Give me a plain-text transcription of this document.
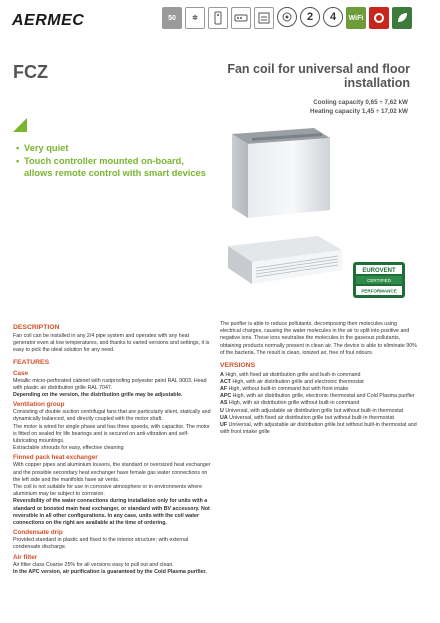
AERMEC	50	✲	2	4	WiFi
FCZ	Fan coil for universal and floor installation
Cooling capacity 0,65 ÷ 7,62 kW
Heating capacity 1,45 ÷ 17,02 kW
• Very quiet
• Touch controller mounted on-board, allows remote control with smart devices
EUROVENT
CERTIFIED
PERFORMANCE
DESCRIPTION

Fan coil can be installed in any 2/4 pipe system and operates with any heat generator even at low temperatures, and thanks to varied versions and settings, it is easy to pick the ideal solution for any need.

FEATURES
Case

Metallic micro-perforated cabinet with rustproofing polyester paint RAL 9003. Head with plastic air distribution grille RAL 7047.

Depending on the version, the distribution grille may be adjustable.

Ventilation group

Consisting of double suction centrifugal fans that are particularly silent, statically and dynamically balanced, and directly coupled with the motor shaft.

The motor is wired for single phase and has three speeds, with capacitor. The motor is fitted on sealed for life bearings and is secured on anti-vibration and self-lubricating mountings.

Extractable shrouds for easy, effective cleaning

Finned pack heat exchanger

With copper pipes and aluminium louvers, the standard or oversized heat exchanger and the possible secondary heat exchanger have female gas water connections on the left side and the manifolds have air vents.

The coil is not suitable for use in corrosive atmosphere or in environments where aluminium may be subject to corrosion.

Reversibility of the water connections during installation only for units with a standard or boosted main heat exchanger, or standard with BV accessory. Not reversible in all other configurations. In any case, units with the coil water connections on the right are available at the time of ordering.

Condensate drip

Provided standard in plastic and fixed to the interior structure; with external condensate discharge.

Air filter

Air filter class Coarse 25% for all versions easy to pull out and clean.

In the APC version, air purification is guaranteed by the Cold Plasma purifier.

The purifier is able to reduce pollutants, decomposing their molecules using electrical charges, causing the water molecules in the air to split into positive and negative ions. These ions neutralise the molecules in the gaseous pollutants, obtaining products normally present in clean air. The device is able to eliminate 90% of the bacteria. The result is clean, ionized air, free of foul odours.

VERSIONS

A High, with fixed air distribution grille and built-in command

ACT High, with air distribution grille and electronic thermostat

AF High, without built-in command but with front intake

APC High, with air distribution grille, electronic thermostat and Cold Plasma purifier

AS High, with air distribution grille without built-in command

U Universal, with adjustable air distribution grille but without built-in thermostat

UA Universal, with fixed air distribution grille but without built-in thermostat

UF Universal, with adjustable air distribution grille but without built-in thermostat and with front intake grille
